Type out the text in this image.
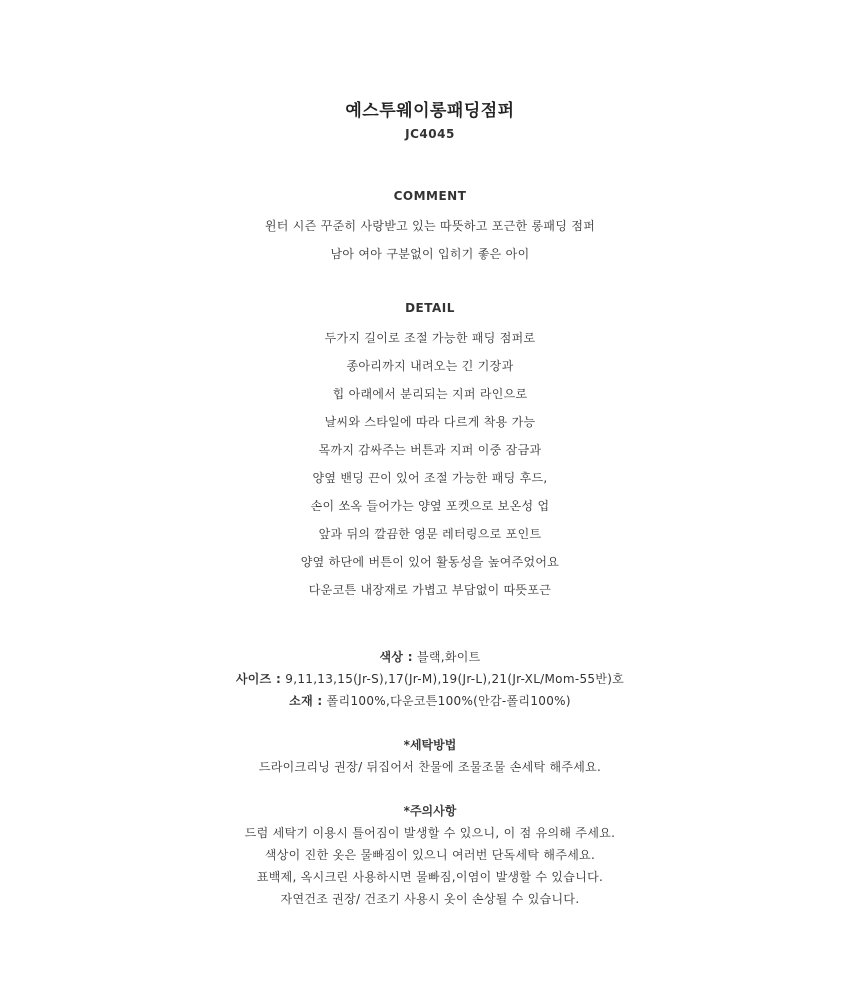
예스투웨이롱패딩점퍼
JC4045
COMMENT
윈터 시즌 꾸준히 사랑받고 있는 따뜻하고 포근한 롱패딩 점퍼
남아 여아 구분없이 입히기 좋은 아이
DETAIL
두가지 길이로 조절 가능한 패딩 점퍼로
종아리까지 내려오는 긴 기장과
힙 아래에서 분리되는 지퍼 라인으로
날씨와 스타일에 따라 다르게 착용 가능
목까지 감싸주는 버튼과 지퍼 이중 잠금과
양옆 밴딩 끈이 있어 조절 가능한 패딩 후드,
손이 쏘옥 들어가는 양옆 포켓으로 보온성 업
앞과 뒤의 깔끔한 영문 레터링으로 포인트
양옆 하단에 버튼이 있어 활동성을 높여주었어요
다운코튼 내장재로 가볍고 부담없이 따뜻포근
색상 : 블랙,화이트
사이즈 : 9,11,13,15(Jr-S),17(Jr-M),19(Jr-L),21(Jr-XL/Mom-55반)호
소재 : 폴리100%,다운코튼100%(안감-폴리100%)
*세탁방법
드라이크리닝 권장/ 뒤집어서 찬물에 조물조물 손세탁 해주세요.
*주의사항
드럼 세탁기 이용시 틀어짐이 발생할 수 있으니, 이 점 유의해 주세요.
색상이 진한 옷은 물빠짐이 있으니 여러번 단독세탁 해주세요.
표백제, 옥시크린 사용하시면 물빠짐,이염이 발생할 수 있습니다.
자연건조 권장/ 건조기 사용시 옷이 손상될 수 있습니다.
